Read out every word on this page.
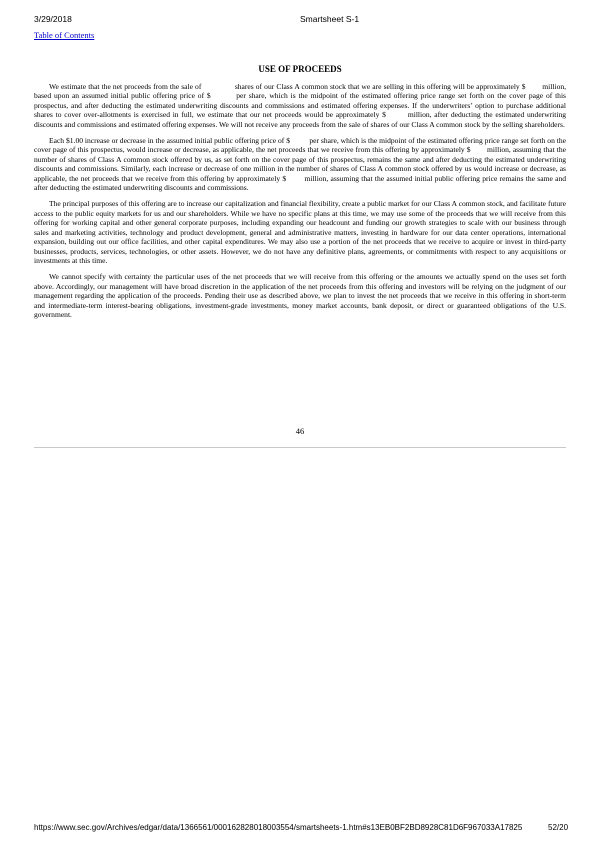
3/29/2018	Smartsheet S-1
Table of Contents
USE OF PROCEEDS

We estimate that the net proceeds from the sale of                shares of our Class A common stock that we are selling in this offering will be approximately $        million, based upon an assumed initial public offering price of $         per share, which is the midpoint of the estimated offering price range set forth on the cover page of this prospectus, and after deducting the estimated underwriting discounts and commissions and estimated offering expenses. If the underwriters’ option to purchase additional shares to cover over-allotments is exercised in full, we estimate that our net proceeds would be approximately $        million, after deducting the estimated underwriting discounts and commissions and estimated offering expenses. We will not receive any proceeds from the sale of shares of our Class A common stock by the selling shareholders.

Each $1.00 increase or decrease in the assumed initial public offering price of $          per share, which is the midpoint of the estimated offering price range set forth on the cover page of this prospectus, would increase or decrease, as applicable, the net proceeds that we receive from this offering by approximately $        million, assuming that the number of shares of Class A common stock offered by us, as set forth on the cover page of this prospectus, remains the same and after deducting the estimated underwriting discounts and commissions. Similarly, each increase or decrease of one million in the number of shares of Class A common stock offered by us would increase or decrease, as applicable, the net proceeds that we receive from this offering by approximately $        million, assuming that the assumed initial public offering price remains the same and after deducting the estimated underwriting discounts and commissions.

The principal purposes of this offering are to increase our capitalization and financial flexibility, create a public market for our Class A common stock, and facilitate future access to the public equity markets for us and our shareholders. While we have no specific plans at this time, we may use some of the proceeds that we will receive from this offering for working capital and other general corporate purposes, including expanding our headcount and funding our growth strategies to scale with our business through sales and marketing activities, technology and product development, general and administrative matters, investing in hardware for our data center operations, international expansion, building out our office facilities, and other capital expenditures. We may also use a portion of the net proceeds that we receive to acquire or invest in third-party businesses, products, services, technologies, or other assets. However, we do not have any definitive plans, agreements, or commitments with respect to any acquisitions or investments at this time.

We cannot specify with certainty the particular uses of the net proceeds that we will receive from this offering or the amounts we actually spend on the uses set forth above. Accordingly, our management will have broad discretion in the application of the net proceeds from this offering and investors will be relying on the judgment of our management regarding the application of the proceeds. Pending their use as described above, we plan to invest the net proceeds that we receive in this offering in short-term and intermediate-term interest-bearing obligations, investment-grade investments, money market accounts, bank deposit, or direct or guaranteed obligations of the U.S. government.

46
https://www.sec.gov/Archives/edgar/data/1366561/000162828018003554/smartsheets-1.htm#s13EB0BF2BD8928C81D6F967033A17825	52/20
